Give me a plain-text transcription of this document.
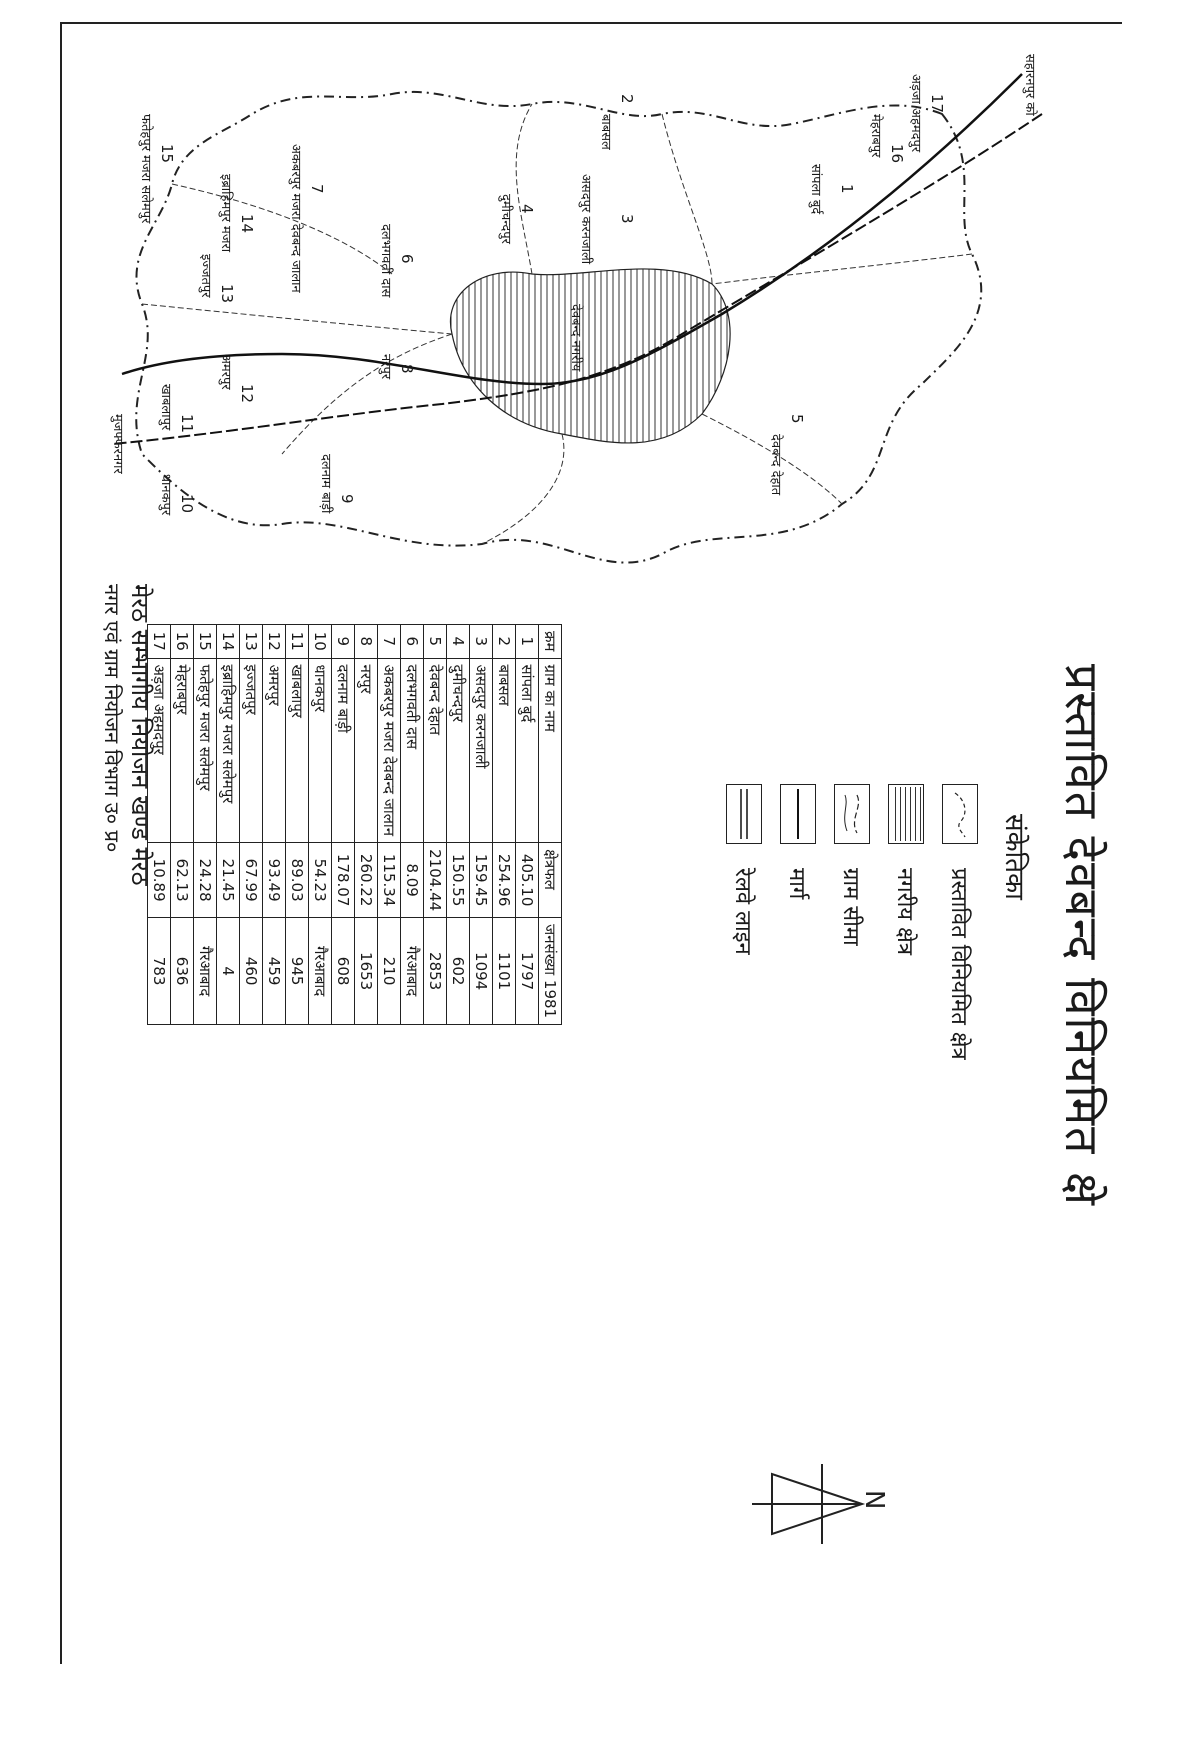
प्रस्तावित देवबन्द विनियमित क्षे
सहारनपुर को
मुजफ्फरनगर
1
सांपला बुर्द
2
बाबसल
3
असदपुर करनजाली
4
दुमीचन्दपुर
5
देवबन्द देहात
6
दलभगवती दास
7
अकबरपुर मजरा देवबन्द जालान
8
नरपुर
9
दलनाम बाड़ी
10
धानकपुर
11
खाबलापुर	12
अमरपुर
13
इज्जतपुर
14
इब्राहिमपुर मजरा
15
फतेहपुर मजरा सलेमपुर	16
मेहराबपुर
17
अड़जा अहमदपुर
देवबन्द नगरीय
संकेतिका
प्रस्तावित विनियमित क्षेत्र
नगरीय क्षेत्र
ग्राम सीमा
मार्ग
रेलवे लाइन
N
क्रम	ग्राम का नाम	क्षेत्रफल	जनसंख्या 1981
1	सांपला बुर्द	405.10	1797
2	बाबसल	254.96	1101
3	असदपुर करनजाली	159.45	1094
4	दुमीचन्दपुर	150.55	602
5	देवबन्द देहात	2104.44	2853
6	दलभगवती दास	8.09	गैरआबाद
7	अकबरपुर मजरा देवबन्द जालान	115.34	210
8	नरपुर	260.22	1653
9	दलनाम बाड़ी	178.07	608
10	धानकपुर	54.23	गैरआबाद
11	खाबलापुर	89.03	945
12	अमरपुर	93.49	459
13	इज्जतपुर	67.99	460
14	इब्राहिमपुर मजरा सलेमपुर	21.45	4
15	फतेहपुर मजरा सलेमपुर	24.28	गैरआबाद
16	मेहराबपुर	62.13	636
17	अड़जा अहमदपुर	10.89	783
मेरठ सम्भागीय नियोजन खण्ड मेरठ
नगर एवं ग्राम नियोजन विभाग उ० प्र०
